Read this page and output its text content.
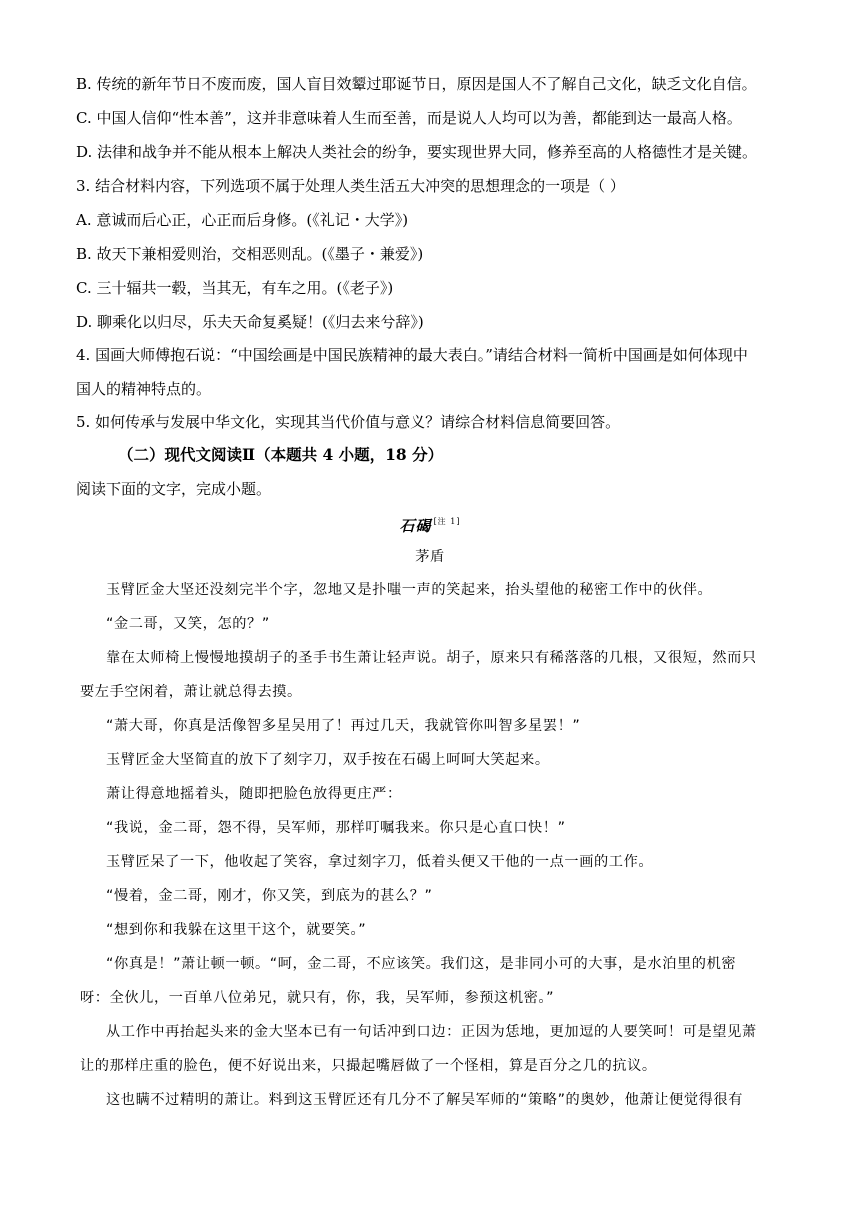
B. 传统的新年节日不废而废，国人盲目效颦过耶诞节日，原因是国人不了解自己文化，缺乏文化自信。
C. 中国人信仰“性本善”，这并非意味着人生而至善，而是说人人均可以为善，都能到达一最高人格。
D. 法律和战争并不能从根本上解决人类社会的纷争，要实现世界大同，修养至高的人格德性才是关键。
3. 结合材料内容，下列选项不属于处理人类生活五大冲突的思想理念的一项是（ ）
A. 意诚而后心正，心正而后身修。(《礼记・大学》)
B. 故天下兼相爱则治，交相恶则乱。(《墨子・兼爱》)
C. 三十辐共一毂，当其无，有车之用。(《老子》)
D. 聊乘化以归尽，乐夫天命复奚疑！(《归去来兮辞》)
4. 国画大师傅抱石说：“中国绘画是中国民族精神的最大表白。”请结合材料一简析中国画是如何体现中
国人的精神特点的。
5. 如何传承与发展中华文化，实现其当代价值与意义？请综合材料信息简要回答。
（二）现代文阅读Ⅱ（本题共 4 小题，18 分）
阅读下面的文字，完成小题。
石碣 [注 1]
茅盾
玉臂匠金大坚还没刻完半个字，忽地又是扑嗤一声的笑起来，抬头望他的秘密工作中的伙伴。
“金二哥，又笑，怎的？”
靠在太师椅上慢慢地摸胡子的圣手书生萧让轻声说。胡子，原来只有稀落落的几根，又很短，然而只
要左手空闲着，萧让就总得去摸。
“萧大哥，你真是活像智多星吴用了！再过几天，我就管你叫智多星罢！”
玉臂匠金大坚简直的放下了刻字刀，双手按在石碣上呵呵大笑起来。
萧让得意地摇着头，随即把脸色放得更庄严：
“我说，金二哥，怨不得，吴军师，那样叮嘱我来。你只是心直口快！”
玉臂匠呆了一下，他收起了笑容，拿过刻字刀，低着头便又干他的一点一画的工作。
“慢着，金二哥，刚才，你又笑，到底为的甚么？”
“想到你和我躲在这里干这个，就要笑。”
“你真是！”萧让顿一顿。“呵，金二哥，不应该笑。我们这，是非同小可的大事，是水泊里的机密
呀：全伙儿，一百单八位弟兄，就只有，你，我，吴军师，参预这机密。”
从工作中再抬起头来的金大坚本已有一句话冲到口边：正因为恁地，更加逗的人要笑呵！可是望见萧
让的那样庄重的脸色，便不好说出来，只撮起嘴唇做了一个怪相，算是百分之几的抗议。
这也瞒不过精明的萧让。料到这玉臂匠还有几分不了解吴军师的“策略”的奥妙，他萧让便觉得很有
